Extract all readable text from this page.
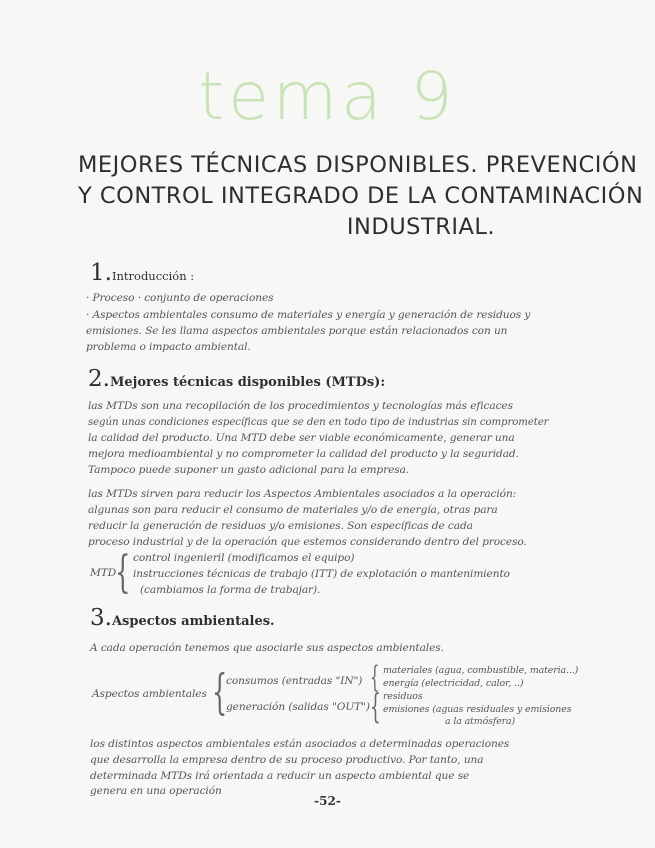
tema 9
MEJORES TÉCNICAS DISPONIBLES. PREVENCIÓN
Y CONTROL INTEGRADO DE LA CONTAMINACIÓN
INDUSTRIAL.
1.Introducción :
· Proceso · conjunto de operaciones
· Aspectos ambientales consumo de materiales y energía y generación de residuos y
emisiones. Se les llama aspectos ambientales porque están relacionados con un
problema o impacto ambiental.
2.Mejores técnicas disponibles (MTDs):
las MTDs son una recopilación de los procedimientos y tecnologías más eficaces
según unas condiciones específicas que se den en todo tipo de industrias sin comprometer
la calidad del producto. Una MTD debe ser viable económicamente, generar una
mejora medioambiental y no comprometer la calidad del producto y la seguridad.
Tampoco puede suponer un gasto adicional para la empresa.
las MTDs sirven para reducir los Aspectos Ambientales asociados a la operación:
algunas son para reducir el consumo de materiales y/o de energía, otras para
reducir la generación de residuos y/o emisiones. Son específicas de cada
proceso industrial y de la operación que estemos considerando dentro del proceso.
MTD
{ control ingenieril (modificamos el equipo)
instrucciones técnicas de trabajo (ITT) de explotación o mantenimiento
(cambiamos la forma de trabajar).
3.Aspectos ambientales.
A cada operación tenemos que asociarle sus aspectos ambientales.
Aspectos ambientales {
consumos (entradas "IN")
generación (salidas "OUT")
{ materiales (agua, combustible, materia...)
energía (electricidad, calor, ..)
{ residuos
emisiones (aguas residuales y emisiones
a la atmósfera)
los distintos aspectos ambientales están asociados a determinadas operaciones
que desarrolla la empresa dentro de su proceso productivo. Por tanto, una
determinada MTDs irá orientada a reducir un aspecto ambiental que se
genera en una operación
-52-
